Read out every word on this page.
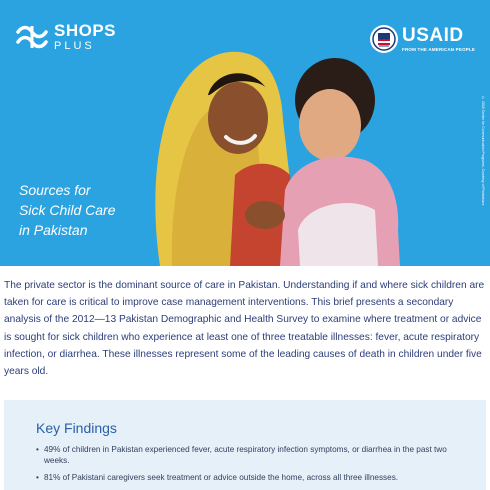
SHOPS
PLUS	USAID
FROM THE AMERICAN PEOPLE
Sources for
Sick Child Care
in Pakistan
© 2016 Center for Communication Programs, Courtesy of Photoshare

The private sector is the dominant source of care in Pakistan. Understanding if and where sick children are taken for care is critical to improve case management interventions. This brief presents a secondary analysis of the 2012—13 Pakistan Demographic and Health Survey to examine where treatment or advice is sought for sick children who experience at least one of three treatable illnesses: fever, acute respiratory infection, or diarrhea. These illnesses represent some of the leading causes of death in children under five years old.

Key Findings
• 49% of children in Pakistan experienced fever, acute respiratory infection symptoms, or diarrhea in the past two weeks.
• 81% of Pakistani caregivers seek treatment or advice outside the home, across all three illnesses.
